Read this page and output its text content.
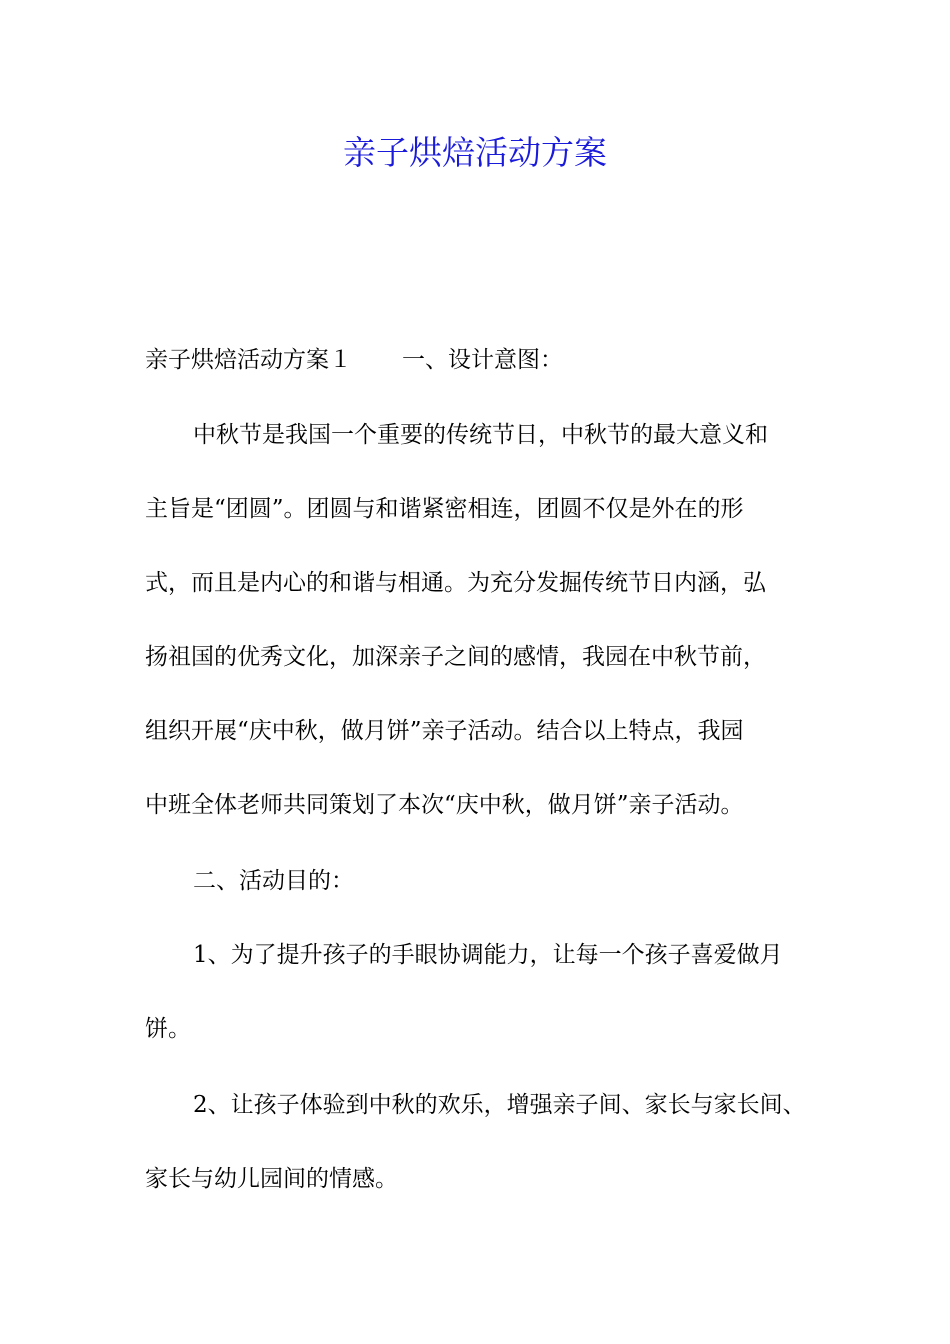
亲子烘焙活动方案

亲子烘焙活动方案１ 一、设计意图：

中秋节是我国一个重要的传统节日，中秋节的最大意义和

主旨是“团圆”。团圆与和谐紧密相连，团圆不仅是外在的形

式，而且是内心的和谐与相通。为充分发掘传统节日内涵，弘

扬祖国的优秀文化，加深亲子之间的感情，我园在中秋节前，

组织开展“庆中秋，做月饼”亲子活动。结合以上特点，我园

中班全体老师共同策划了本次“庆中秋，做月饼”亲子活动。

二、活动目的：

1、为了提升孩子的手眼协调能力，让每一个孩子喜爱做月

饼。

2、让孩子体验到中秋的欢乐，增强亲子间、家长与家长间、

家长与幼儿园间的情感。
